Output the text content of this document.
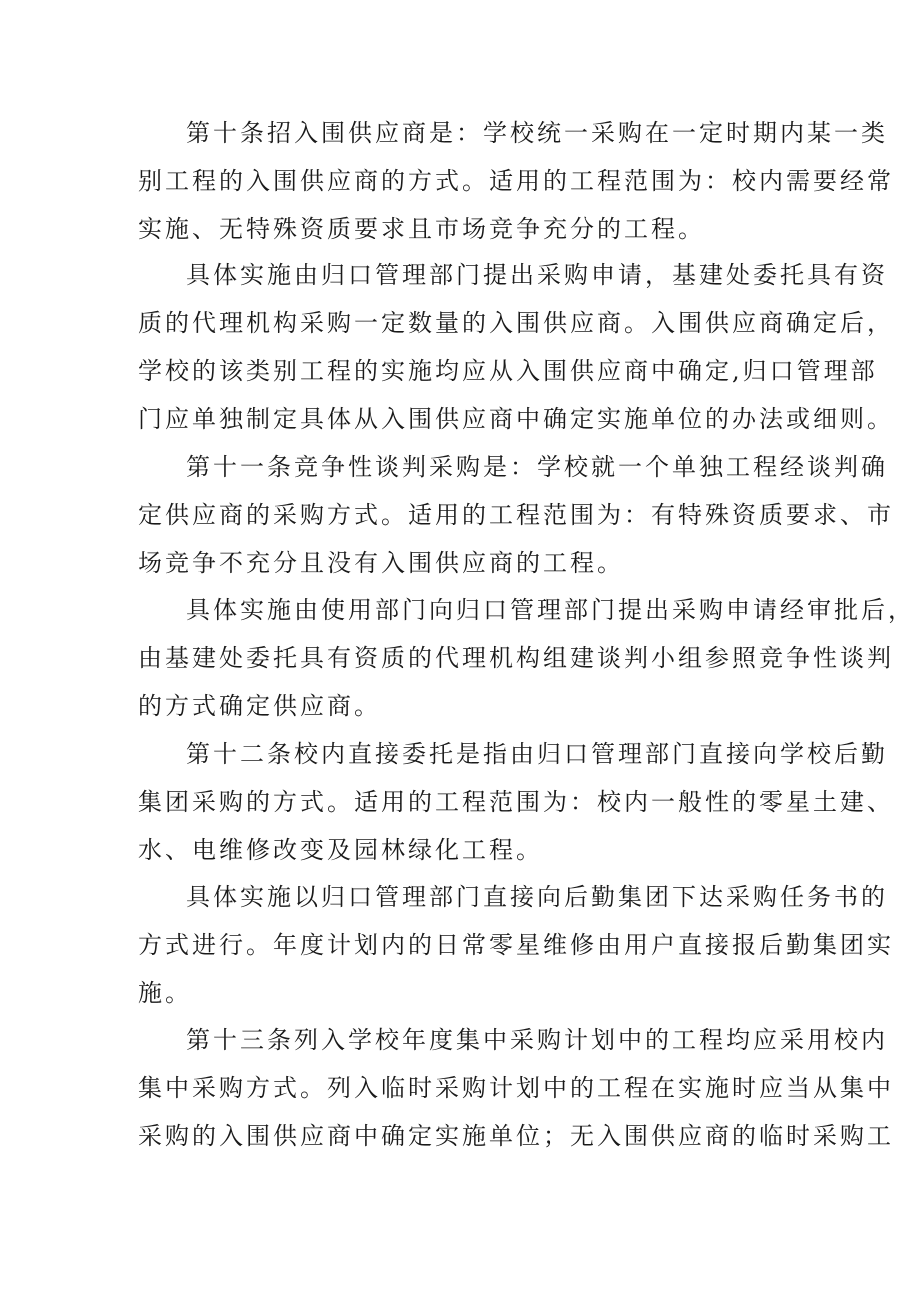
第十条招入围供应商是：学校统一采购在一定时期内某一类
别工程的入围供应商的方式。适用的工程范围为：校内需要经常
实施、无特殊资质要求且市场竞争充分的工程。
具体实施由归口管理部门提出采购申请，基建处委托具有资
质的代理机构采购一定数量的入围供应商。入围供应商确定后，
学校的该类别工程的实施均应从入围供应商中确定,归口管理部
门应单独制定具体从入围供应商中确定实施单位的办法或细则。
第十一条竞争性谈判采购是：学校就一个单独工程经谈判确
定供应商的采购方式。适用的工程范围为：有特殊资质要求、市
场竞争不充分且没有入围供应商的工程。
具体实施由使用部门向归口管理部门提出采购申请经审批后，
由基建处委托具有资质的代理机构组建谈判小组参照竞争性谈判
的方式确定供应商。
第十二条校内直接委托是指由归口管理部门直接向学校后勤
集团采购的方式。适用的工程范围为：校内一般性的零星土建、
水、电维修改变及园林绿化工程。
具体实施以归口管理部门直接向后勤集团下达采购任务书的
方式进行。年度计划内的日常零星维修由用户直接报后勤集团实
施。
第十三条列入学校年度集中采购计划中的工程均应采用校内
集中采购方式。列入临时采购计划中的工程在实施时应当从集中
采购的入围供应商中确定实施单位；无入围供应商的临时采购工
